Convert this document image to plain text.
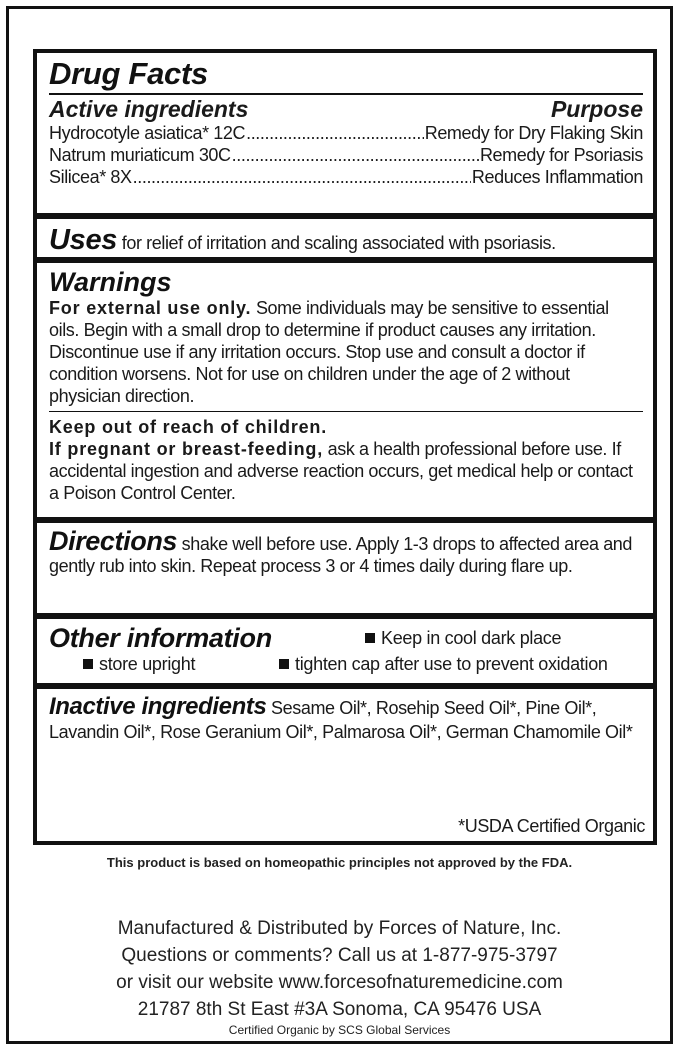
Drug Facts
Active ingredients	Purpose
Hydrocotyle asiatica* 12C .....	Remedy for Dry Flaking Skin
Natrum muriaticum 30C .....	Remedy for Psoriasis
Silicea* 8X .....	Reduces Inflammation
Uses for relief of irritation and scaling associated with psoriasis.
Warnings
For external use only. Some individuals may be sensitive to essential oils. Begin with a small drop to determine if product causes any irritation. Discontinue use if any irritation occurs. Stop use and consult a doctor if condition worsens. Not for use on children under the age of 2 without physician direction.
Keep out of reach of children.
If pregnant or breast-feeding, ask a health professional before use. If accidental ingestion and adverse reaction occurs, get medical help or contact a Poison Control Center.
Directions shake well before use. Apply 1-3 drops to affected area and gently rub into skin. Repeat process 3 or 4 times daily during flare up.
Other information	Keep in cool dark place
store upright	tighten cap after use to prevent oxidation
Inactive ingredients Sesame Oil*, Rosehip Seed Oil*, Pine Oil*, Lavandin Oil*, Rose Geranium Oil*, Palmarosa Oil*, German Chamomile Oil*
*USDA Certified Organic
This product is based on homeopathic principles not approved by the FDA.
Manufactured & Distributed by Forces of Nature, Inc.
Questions or comments? Call us at 1-877-975-3797
or visit our website www.forcesofnaturemedicine.com
21787 8th St East #3A Sonoma, CA 95476 USA
Certified Organic by SCS Global Services
